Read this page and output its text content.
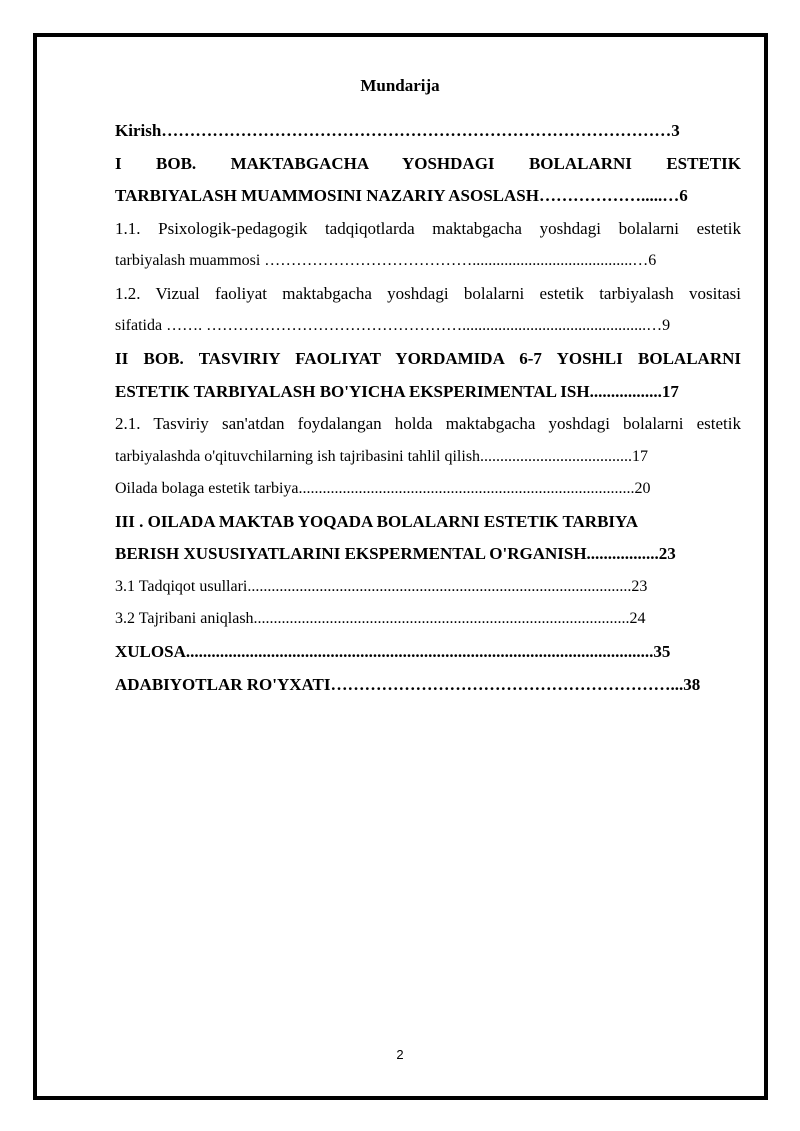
Mundarija
Kirish………………………………………………………………………………3
I BOB. MAKTABGACHA YOSHDAGI BOLALARNI ESTETIK
TARBIYALASH MUAMMOSINI NAZARIY ASOSLASH……………….....…6
1.1. Psixologik-pedagogik tadqiqotlarda maktabgacha yoshdagi bolalarni estetik
tarbiyalash muammosi …………………………………........................................…6
1.2. Vizual faoliyat maktabgacha yoshdagi bolalarni estetik tarbiyalash vositasi
sifatida ……. …………………………………………..............................................…9
II BOB. TASVIRIY FAOLIYAT YORDAMIDA 6-7 YOSHLI BOLALARNI
ESTETIK TARBIYALASH BO'YICHA EKSPERIMENTAL ISH.................17
2.1. Tasviriy san'atdan foydalangan holda maktabgacha yoshdagi bolalarni estetik
tarbiyalashda o'qituvchilarning ish tajribasini tahlil qilish......................................17
Oilada bolaga estetik tarbiya....................................................................................20
III . OILADA MAKTAB YOQADA BOLALARNI ESTETIK TARBIYA
BERISH XUSUSIYATLARINI EKSPERMENTAL O'RGANISH.................23
3.1 Tadqiqot usullari................................................................................................23
3.2 Tajribani aniqlash..............................................................................................24
XULOSA..............................................................................................................35
ADABIYOTLAR RO'YXATI……………………………………………………...38
2
